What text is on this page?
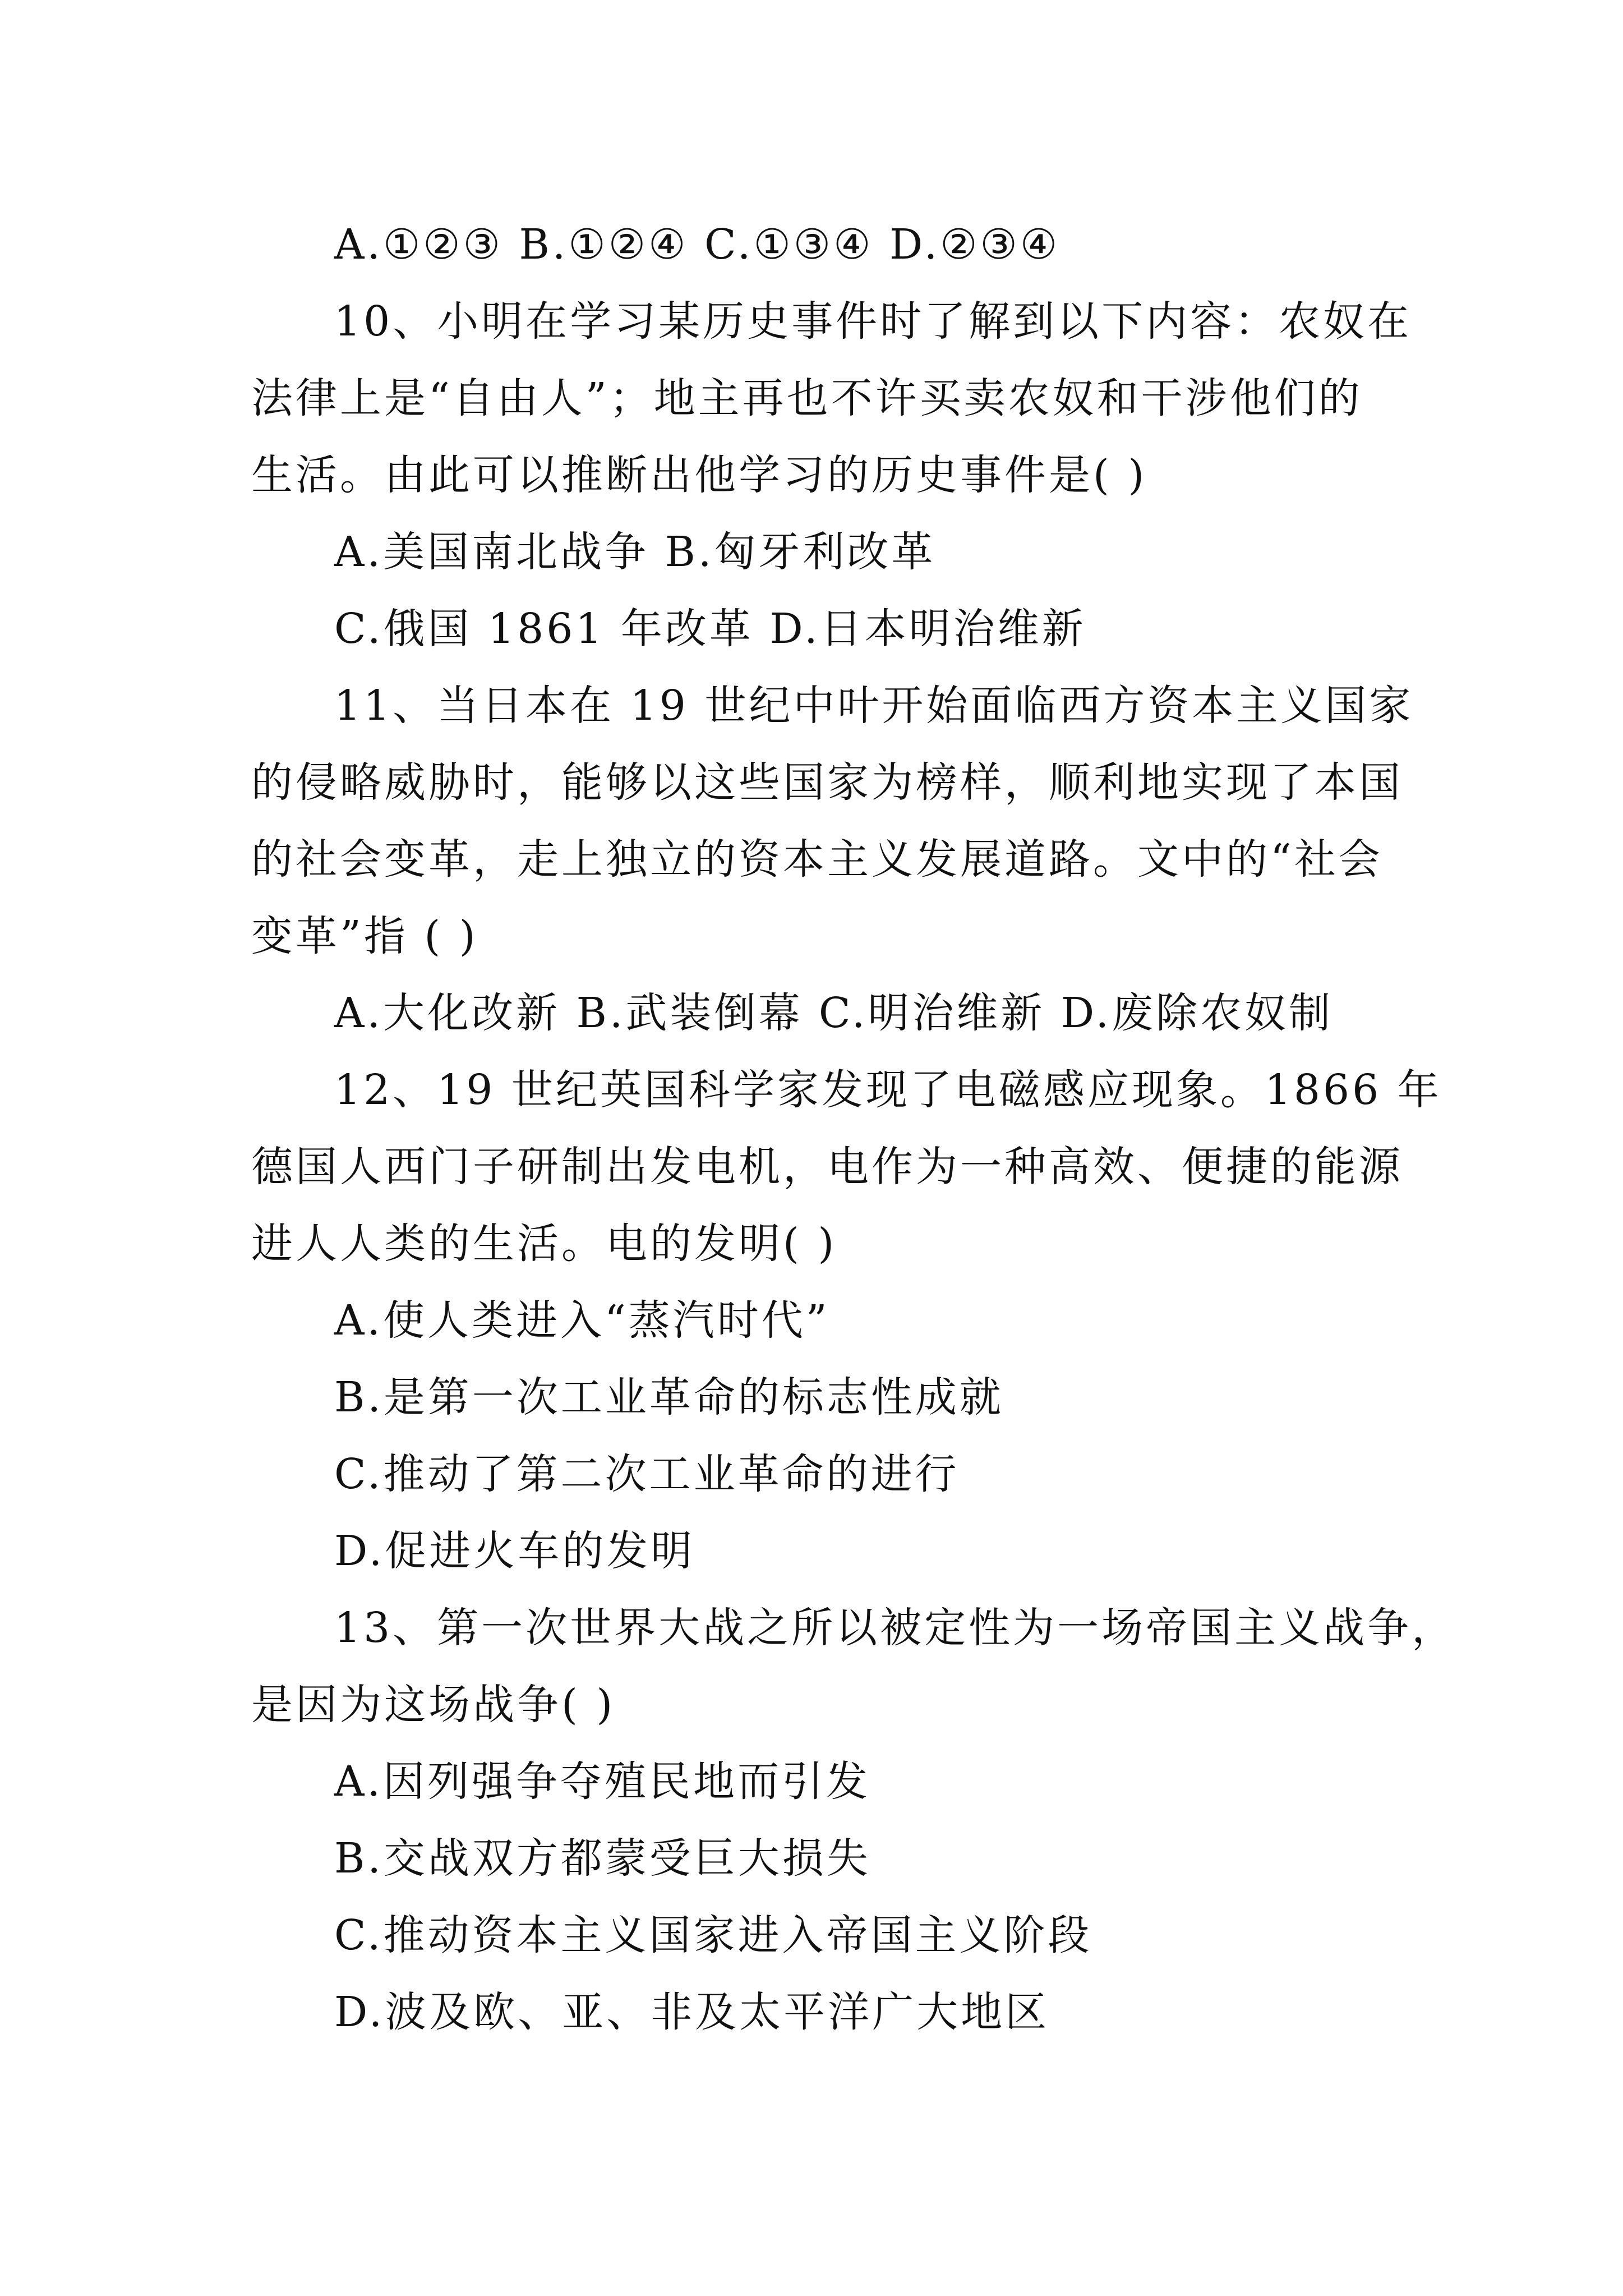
A.①②③ B.①②④ C.①③④ D.②③④
10、小明在学习某历史事件时了解到以下内容：农奴在
法律上是“自由人”；地主再也不许买卖农奴和干涉他们的
生活。由此可以推断出他学习的历史事件是( )
A.美国南北战争 B.匈牙利改革
C.俄国 1861 年改革 D.日本明治维新
11、当日本在 19 世纪中叶开始面临西方资本主义国家
的侵略威胁时，能够以这些国家为榜样，顺利地实现了本国
的社会变革，走上独立的资本主义发展道路。文中的“社会
变革”指 ( )
A.大化改新 B.武装倒幕 C.明治维新 D.废除农奴制
12、19 世纪英国科学家发现了电磁感应现象。1866 年
德国人西门子研制出发电机，电作为一种高效、便捷的能源
进人人类的生活。电的发明( )
A.使人类进入“蒸汽时代”
B.是第一次工业革命的标志性成就
C.推动了第二次工业革命的进行
D.促进火车的发明
13、第一次世界大战之所以被定性为一场帝国主义战争，
是因为这场战争( )
A.因列强争夺殖民地而引发
B.交战双方都蒙受巨大损失
C.推动资本主义国家进入帝国主义阶段
D.波及欧、亚、非及太平洋广大地区
